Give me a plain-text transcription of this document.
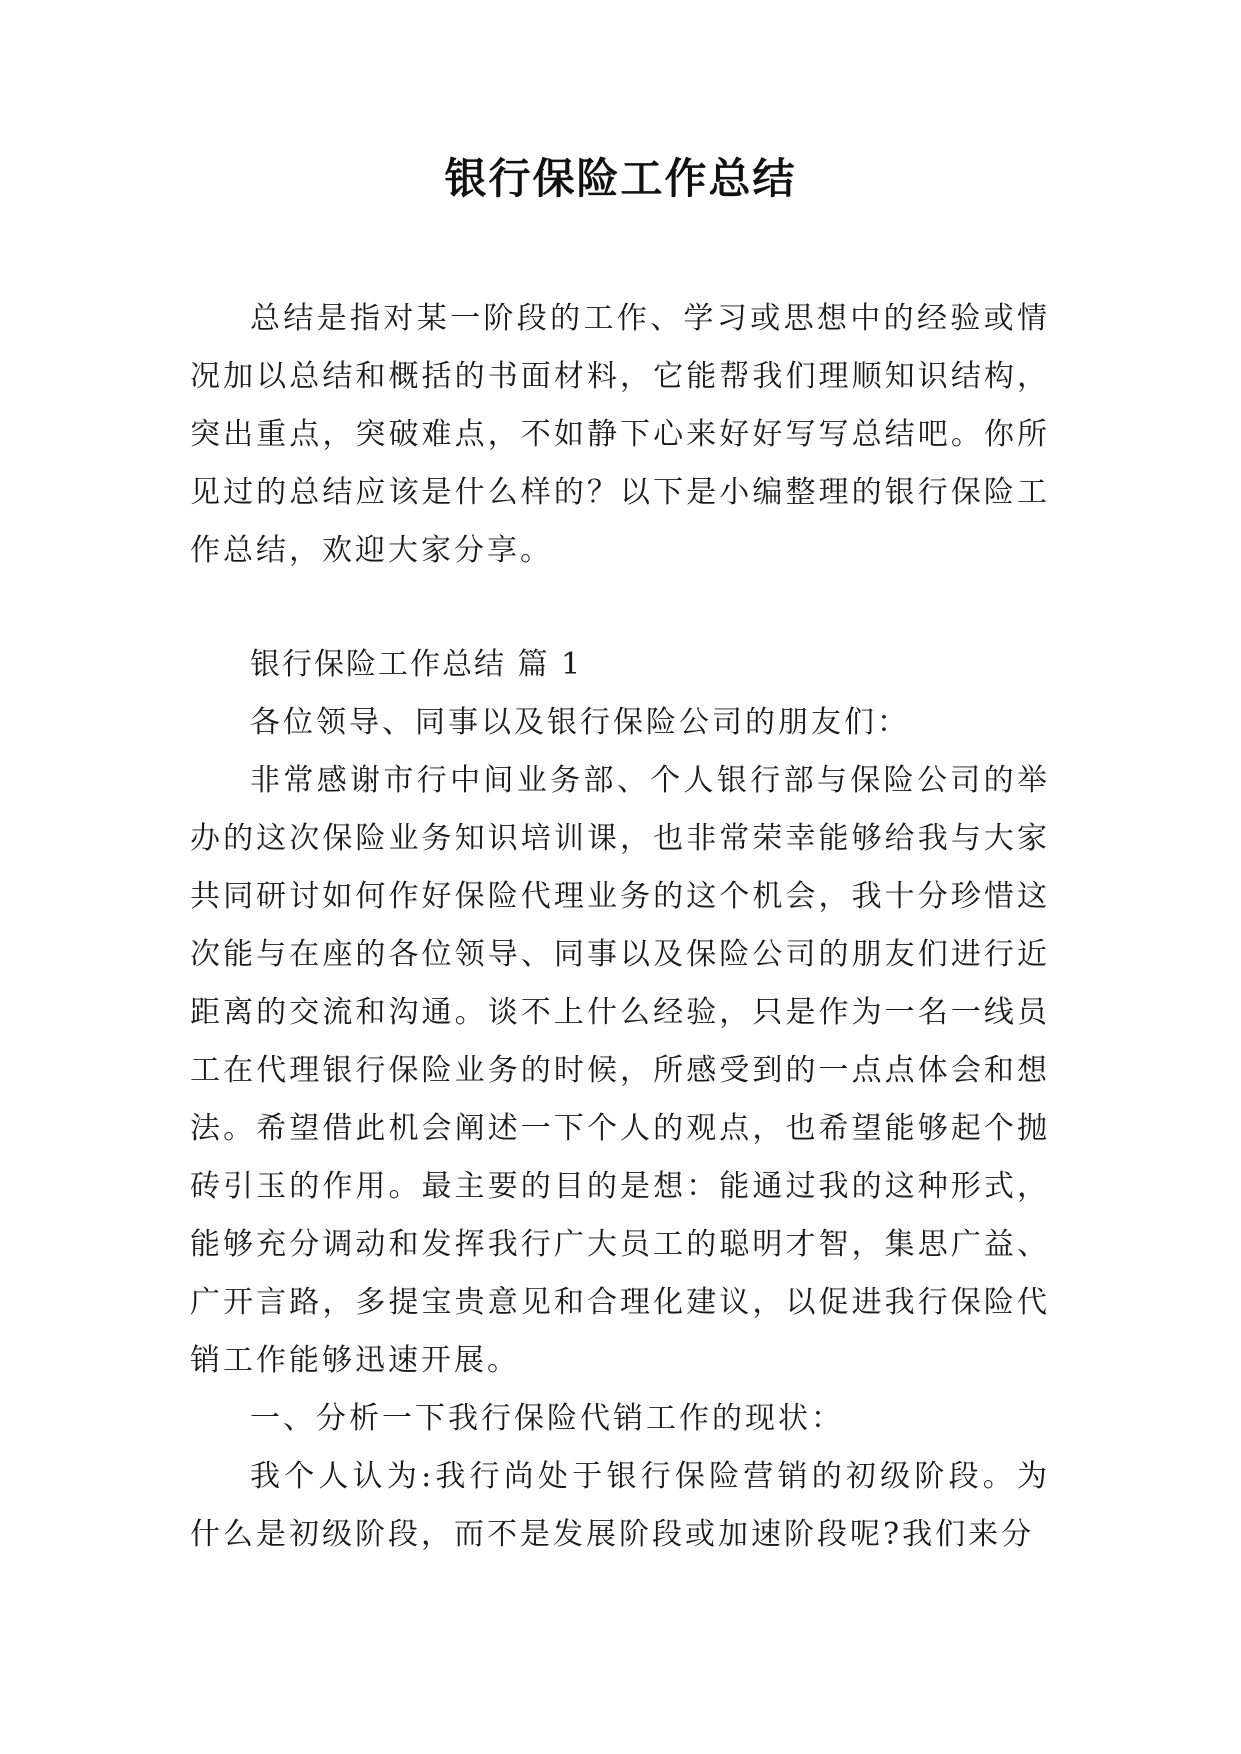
银行保险工作总结

总结是指对某一阶段的工作、学习或思想中的经验或情况加以总结和概括的书面材料，它能帮我们理顺知识结构，突出重点，突破难点，不如静下心来好好写写总结吧。你所见过的总结应该是什么样的？以下是小编整理的银行保险工作总结，欢迎大家分享。

银行保险工作总结 篇 1

各位领导、同事以及银行保险公司的朋友们：

非常感谢市行中间业务部、个人银行部与保险公司的举办的这次保险业务知识培训课，也非常荣幸能够给我与大家共同研讨如何作好保险代理业务的这个机会，我十分珍惜这次能与在座的各位领导、同事以及保险公司的朋友们进行近距离的交流和沟通。谈不上什么经验，只是作为一名一线员工在代理银行保险业务的时候，所感受到的一点点体会和想法。希望借此机会阐述一下个人的观点，也希望能够起个抛砖引玉的作用。最主要的目的是想：能通过我的这种形式，能够充分调动和发挥我行广大员工的聪明才智，集思广益、广开言路，多提宝贵意见和合理化建议，以促进我行保险代销工作能够迅速开展。

一、分析一下我行保险代销工作的现状：

我个人认为:我行尚处于银行保险营销的初级阶段。为什么是初级阶段，而不是发展阶段或加速阶段呢?我们来分
